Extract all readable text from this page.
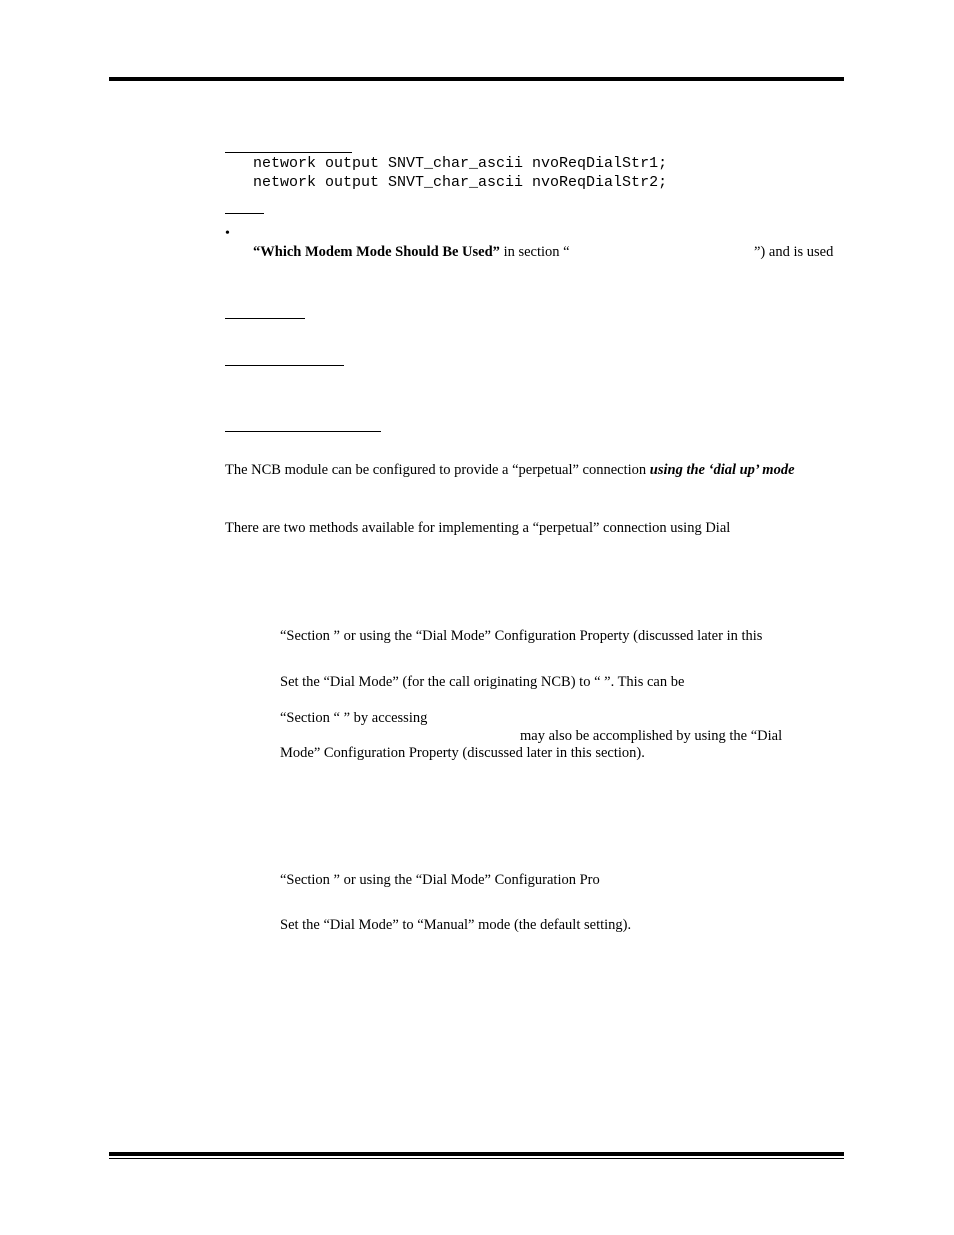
network output SNVT_char_ascii nvoReqDialStr1;
network output SNVT_char_ascii nvoReqDialStr2;
•
“Which Modem Mode Should Be Used” in section “	”) and is used
The NCB module can be configured to provide a “perpetual” connection using the ‘dial up’ mode
There are two methods available for implementing a “perpetual” connection using Dial
“Section ” or using the “Dial Mode” Configuration Property (discussed later in this
Set the “Dial Mode” (for the call originating NCB) to “ ”. This can be
“Section “ ” by accessing
may also be accomplished by using the “Dial
Mode” Configuration Property (discussed later in this section).
“Section ” or using the “Dial Mode” Configuration Pro
Set the “Dial Mode” to “Manual” mode (the default setting).
